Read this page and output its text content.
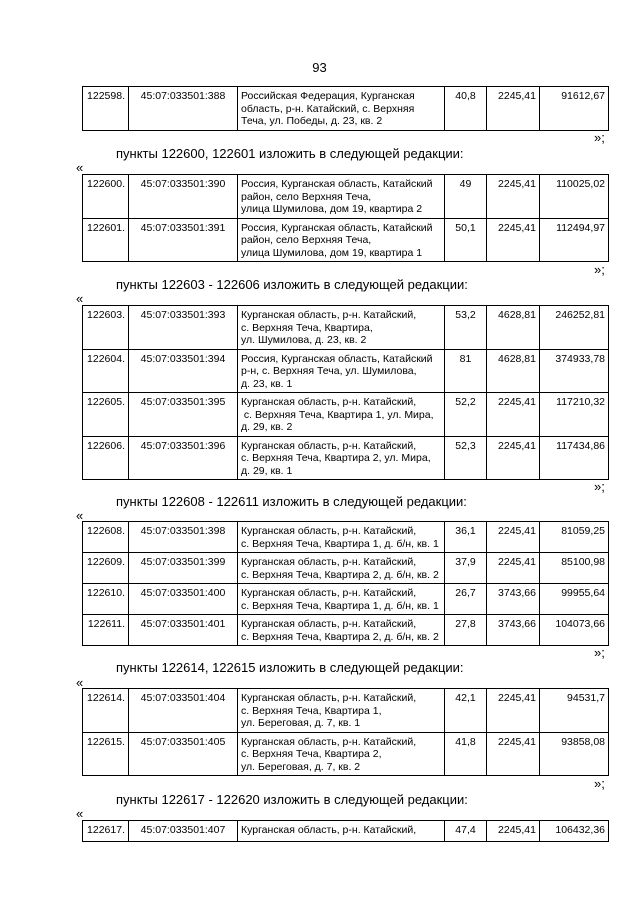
93
122598.	45:07:033501:388	Российская Федерация, Курганская
область, р-н. Катайский, с. Верхняя
Теча, ул. Победы, д. 23, кв. 2
	40,8	2245,41	91612,67
»;
пункты 122600, 122601 изложить в следующей редакции:
«
122600.	45:07:033501:390	Россия, Курганская область, Катайский
район, село Верхняя Теча,
улица Шумилова, дом 19, квартира 2	49	2245,41	110025,02
122601.	45:07:033501:391	Россия, Курганская область, Катайский
район, село Верхняя Теча,
улица Шумилова, дом 19, квартира 1	50,1	2245,41	112494,97
»;
пункты 122603 - 122606 изложить в следующей редакции:
«
122603.	45:07:033501:393	Курганская область, р-н. Катайский,
с. Верхняя Теча, Квартира,
ул. Шумилова, д. 23, кв. 2	53,2	4628,81	246252,81
122604.	45:07:033501:394	Россия, Курганская область, Катайский
р-н, с. Верхняя Теча, ул. Шумилова,
д. 23, кв. 1	81	4628,81	374933,78
122605.	45:07:033501:395	Курганская область, р-н. Катайский,
с. Верхняя Теча, Квартира 1, ул. Мира,
д. 29, кв. 2	52,2	2245,41	117210,32
122606.	45:07:033501:396	Курганская область, р-н. Катайский,
с. Верхняя Теча, Квартира 2, ул. Мира,
д. 29, кв. 1	52,3	2245,41	117434,86
»;
пункты 122608 - 122611 изложить в следующей редакции:
«
122608.	45:07:033501:398	Курганская область, р-н. Катайский,
с. Верхняя Теча, Квартира 1, д. б/н, кв. 1	36,1	2245,41	81059,25
122609.	45:07:033501:399	Курганская область, р-н. Катайский,
с. Верхняя Теча, Квартира 2, д. б/н, кв. 2	37,9	2245,41	85100,98
122610.	45:07:033501:400	Курганская область, р-н. Катайский,
с. Верхняя Теча, Квартира 1, д. б/н, кв. 1	26,7	3743,66	99955,64
122611.	45:07:033501:401	Курганская область, р-н. Катайский,
с. Верхняя Теча, Квартира 2, д. б/н, кв. 2	27,8	3743,66	104073,66
»;
пункты 122614, 122615 изложить в следующей редакции:
«
122614.	45:07:033501:404	Курганская область, р-н. Катайский,
с. Верхняя Теча, Квартира 1,
ул. Береговая, д. 7, кв. 1	42,1	2245,41	94531,7
122615.	45:07:033501:405	Курганская область, р-н. Катайский,
с. Верхняя Теча, Квартира 2,
ул. Береговая, д. 7, кв. 2	41,8	2245,41	93858,08
»;
пункты 122617 - 122620 изложить в следующей редакции:
«
122617.	45:07:033501:407	Курганская область, р-н. Катайский,	47,4	2245,41	106432,36
